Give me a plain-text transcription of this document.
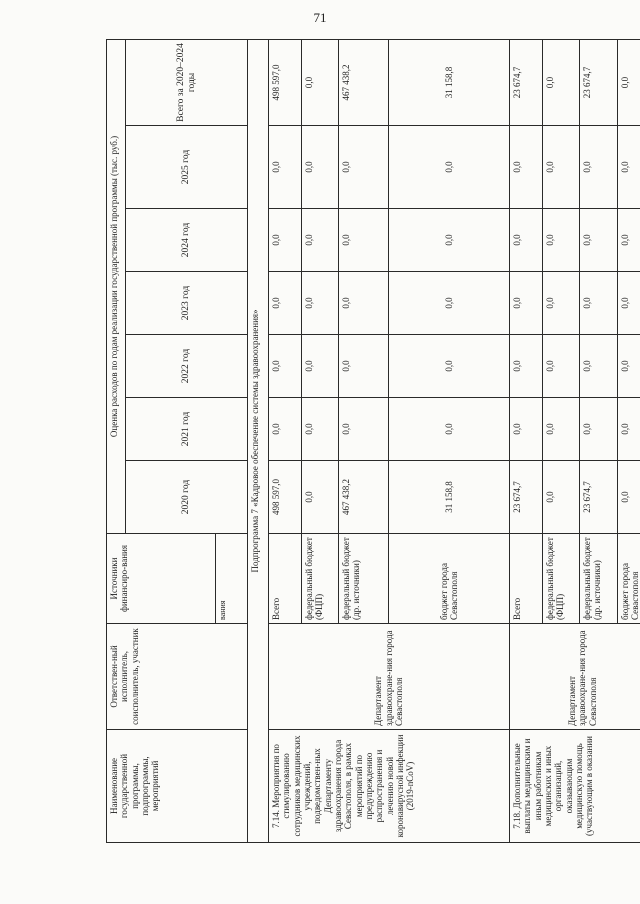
71
Наименование государственной программы, подпрограммы, мероприятий	Ответствен-ный исполнитель, соисполнитель, участник	Источники финансиро-вания	Оценка расходов по годам реализации государственной программы (тыс. руб.)						
			2020 год	2021 год	2022 год	2023 год	2024 год	2025 год	Всего за 2020–2024 годы
		вания							
Подпрограмма 7 «Кадровое обеспечение системы здравоохранения»									
7.14. Мероприятия по стимулированию сотрудников медицинских учреждений, подведомствен-ных Департаменту здравоохранения города Севастополя, в рамках мероприятий по предупреждению распространения и лечению новой коронавирусной инфекции (2019-nCoV)	Департамент здравоохране-ния города Севастополя	Всего	498 597,0	0,0	0,0	0,0	0,0	0,0	498 597,0
		федеральный бюджет (ФЦП)	0,0	0,0	0,0	0,0	0,0	0,0	0,0
		федеральный бюджет (др. источники)	467 438,2	0,0	0,0	0,0	0,0	0,0	467 438,2
		бюджет города Севастополя	31 158,8	0,0	0,0	0,0	0,0	0,0	31 158,8
7.18. Дополнительные выплаты медицинским и иным работникам медицинских и иных организаций, оказывающим медицинскую помощь (участвующим в оказании	Департамент здравоохране-ния города Севастополя	Всего	23 674,7	0,0	0,0	0,0	0,0	0,0	23 674,7
		федеральный бюджет (ФЦП)	0,0	0,0	0,0	0,0	0,0	0,0	0,0
		федеральный бюджет (др. источники)	23 674,7	0,0	0,0	0,0	0,0	0,0	23 674,7
		бюджет города Севастополя	0,0	0,0	0,0	0,0	0,0	0,0	0,0
